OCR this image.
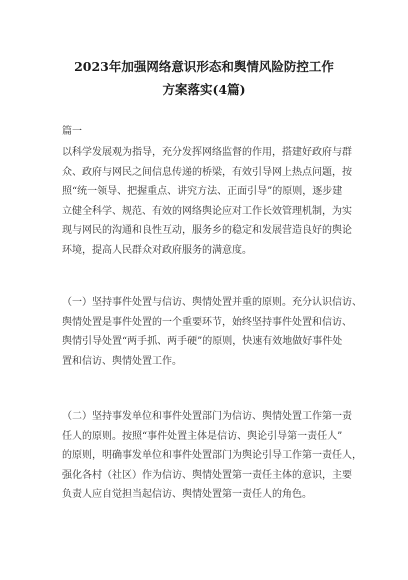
2023年加强网络意识形态和舆情风险防控工作
方案落实(4篇)
篇一
以科学发展观为指导，充分发挥网络监督的作用，搭建好政府与群
众、政府与网民之间信息传递的桥梁，有效引导网上热点问题，按
照“统一领导、把握重点、讲究方法、正面引导”的原则，逐步建
立健全科学、规范、有效的网络舆论应对工作长效管理机制，为实
现与网民的沟通和良性互动，服务乡的稳定和发展营造良好的舆论
环境，提高人民群众对政府服务的满意度。
（一）坚持事件处置与信访、舆情处置并重的原则。充分认识信访、
舆情处置是事件处置的一个重要环节，始终坚持事件处置和信访、
舆情引导处置“两手抓、两手硬”的原则，快速有效地做好事件处
置和信访、舆情处置工作。
（二）坚持事发单位和事件处置部门为信访、舆情处置工作第一责
任人的原则。按照“事件处置主体是信访、舆论引导第一责任人”
的原则，明确事发单位和事件处置部门为舆论引导工作第一责任人，
强化各村（社区）作为信访、舆情处置第一责任主体的意识，主要
负责人应自觉担当起信访、舆情处置第一责任人的角色。
